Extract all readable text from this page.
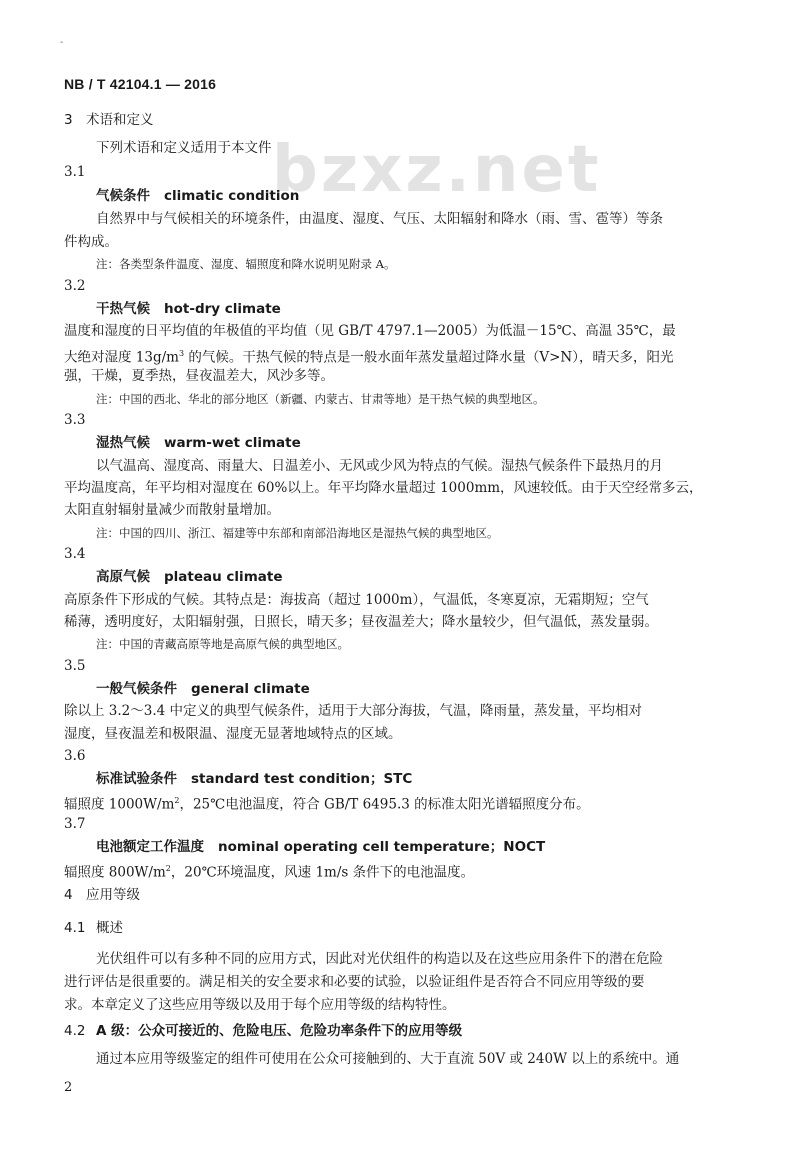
-
NB / T 42104.1 — 2016
bzxz.net
3 术语和定义
下列术语和定义适用于本文件
3.1
气候条件 climatic condition
自然界中与气候相关的环境条件，由温度、湿度、气压、太阳辐射和降水（雨、雪、雹等）等条
件构成。
注：各类型条件温度、湿度、辐照度和降水说明见附录 A。
3.2
干热气候 hot-dry climate
温度和湿度的日平均值的年极值的平均值（见 GB/T 4797.1—2005）为低温－15℃、高温 35℃，最
大绝对湿度 $13g/m^3$ 的气候。干热气候的特点是一般水面年蒸发量超过降水量（V>N），晴天多，阳光
强，干燥，夏季热，昼夜温差大，风沙多等。
注：中国的西北、华北的部分地区（新疆、内蒙古、甘肃等地）是干热气候的典型地区。
3.3
湿热气候 warm-wet climate
以气温高、湿度高、雨量大、日温差小、无风或少风为特点的气候。湿热气候条件下最热月的月
平均温度高，年平均相对湿度在 60%以上。年平均降水量超过 1000mm，风速较低。由于天空经常多云，
太阳直射辐射量减少而散射量增加。
注：中国的四川、浙江、福建等中东部和南部沿海地区是湿热气候的典型地区。
3.4
高原气候 plateau climate
高原条件下形成的气候。其特点是：海拔高（超过 1000m），气温低，冬寒夏凉，无霜期短；空气
稀薄，透明度好，太阳辐射强，日照长，晴天多；昼夜温差大；降水量较少，但气温低，蒸发量弱。
注：中国的青藏高原等地是高原气候的典型地区。
3.5
一般气候条件 general climate
除以上 3.2～3.4 中定义的典型气候条件，适用于大部分海拔，气温，降雨量，蒸发量，平均相对
湿度，昼夜温差和极限温、湿度无显著地域特点的区域。
3.6
标准试验条件 standard test condition；STC
辐照度 $1000W/m^2$，25℃电池温度，符合 GB/T 6495.3 的标准太阳光谱辐照度分布。
3.7
电池额定工作温度 nominal operating cell temperature；NOCT
辐照度 $800W/m^2$，20℃环境温度，风速 1m/s 条件下的电池温度。
4 应用等级
4.1 概述
光伏组件可以有多种不同的应用方式，因此对光伏组件的构造以及在这些应用条件下的潜在危险
进行评估是很重要的。满足相关的安全要求和必要的试验，以验证组件是否符合不同应用等级的要
求。本章定义了这些应用等级以及用于每个应用等级的结构特性。
4.2 A 级：公众可接近的、危险电压、危险功率条件下的应用等级
通过本应用等级鉴定的组件可使用在公众可接触到的、大于直流 50V 或 240W 以上的系统中。通
2
